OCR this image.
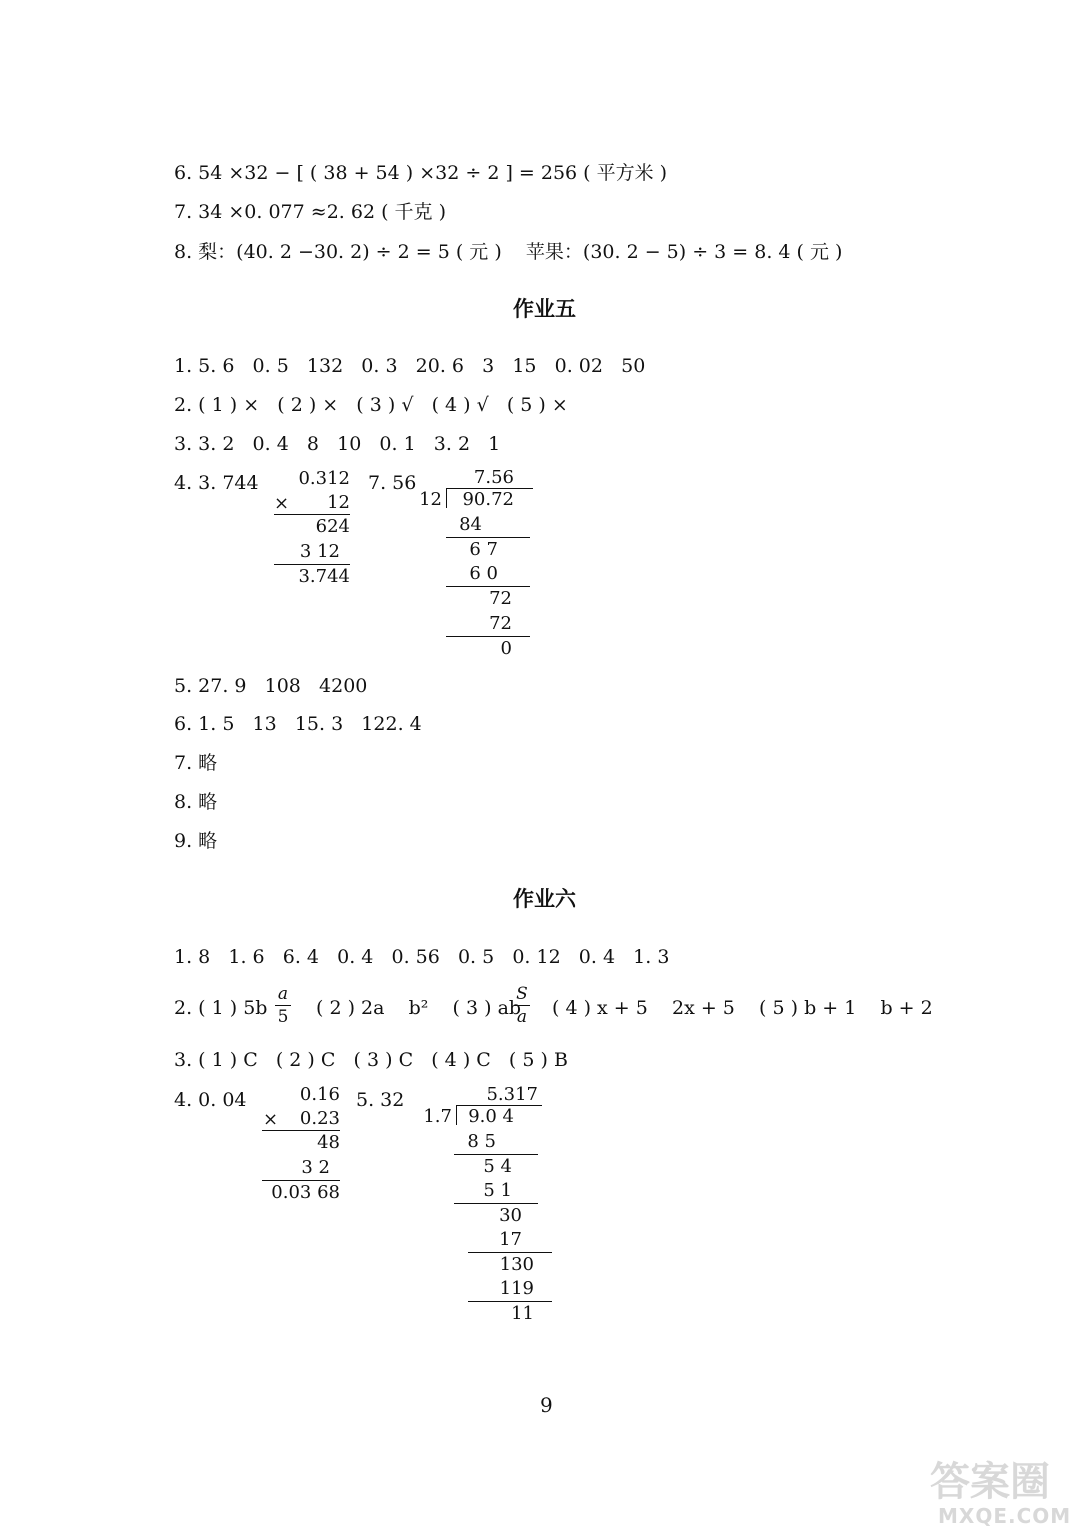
6. 54 ×32 − [ ( 38 + 54 ) ×32 ÷ 2 ] = 256 ( 平方米 )
7. 34 ×0. 077 ≈2. 62 ( 千克 )
8. 梨：(40. 2 −30. 2) ÷ 2 = 5 ( 元 )    苹果：(30. 2 − 5) ÷ 3 = 8. 4 ( 元 )
作业五
1. 5. 6   0. 5   132   0. 3   20. 6   3   15   0. 02   50
2. ( 1 ) ×   ( 2 ) ×   ( 3 ) √   ( 4 ) √   ( 5 ) ×
3. 3. 2   0. 4   8   10   0. 1   3. 2   1
4. 3. 744	0.312
×	12
624
3 12
3.744
7. 56	7.56
12	90.72
84
6 7
6 0
72
72
0
5. 27. 9   108   4200
6. 1. 5   13   15. 3   122. 4
7. 略
8. 略
9. 略
作业六
1. 8   1. 6   6. 4   0. 4   0. 56   0. 5   0. 12   0. 4   1. 3
2. ( 1 ) 5b
a
5 ( 2 ) 2a    b²    ( 3 ) ab
S
a ( 4 ) x + 5    2x + 5    ( 5 ) b + 1    b + 2
3. ( 1 ) C   ( 2 ) C   ( 3 ) C   ( 4 ) C   ( 5 ) B
4. 0. 04	0.16
×	0.23
48
3 2
0.03 68
5. 32	5.317
1.7 9.0 4
8 5
5 4
5 1
30
17
130
119
11
9
答案圈
MXQE.COM
